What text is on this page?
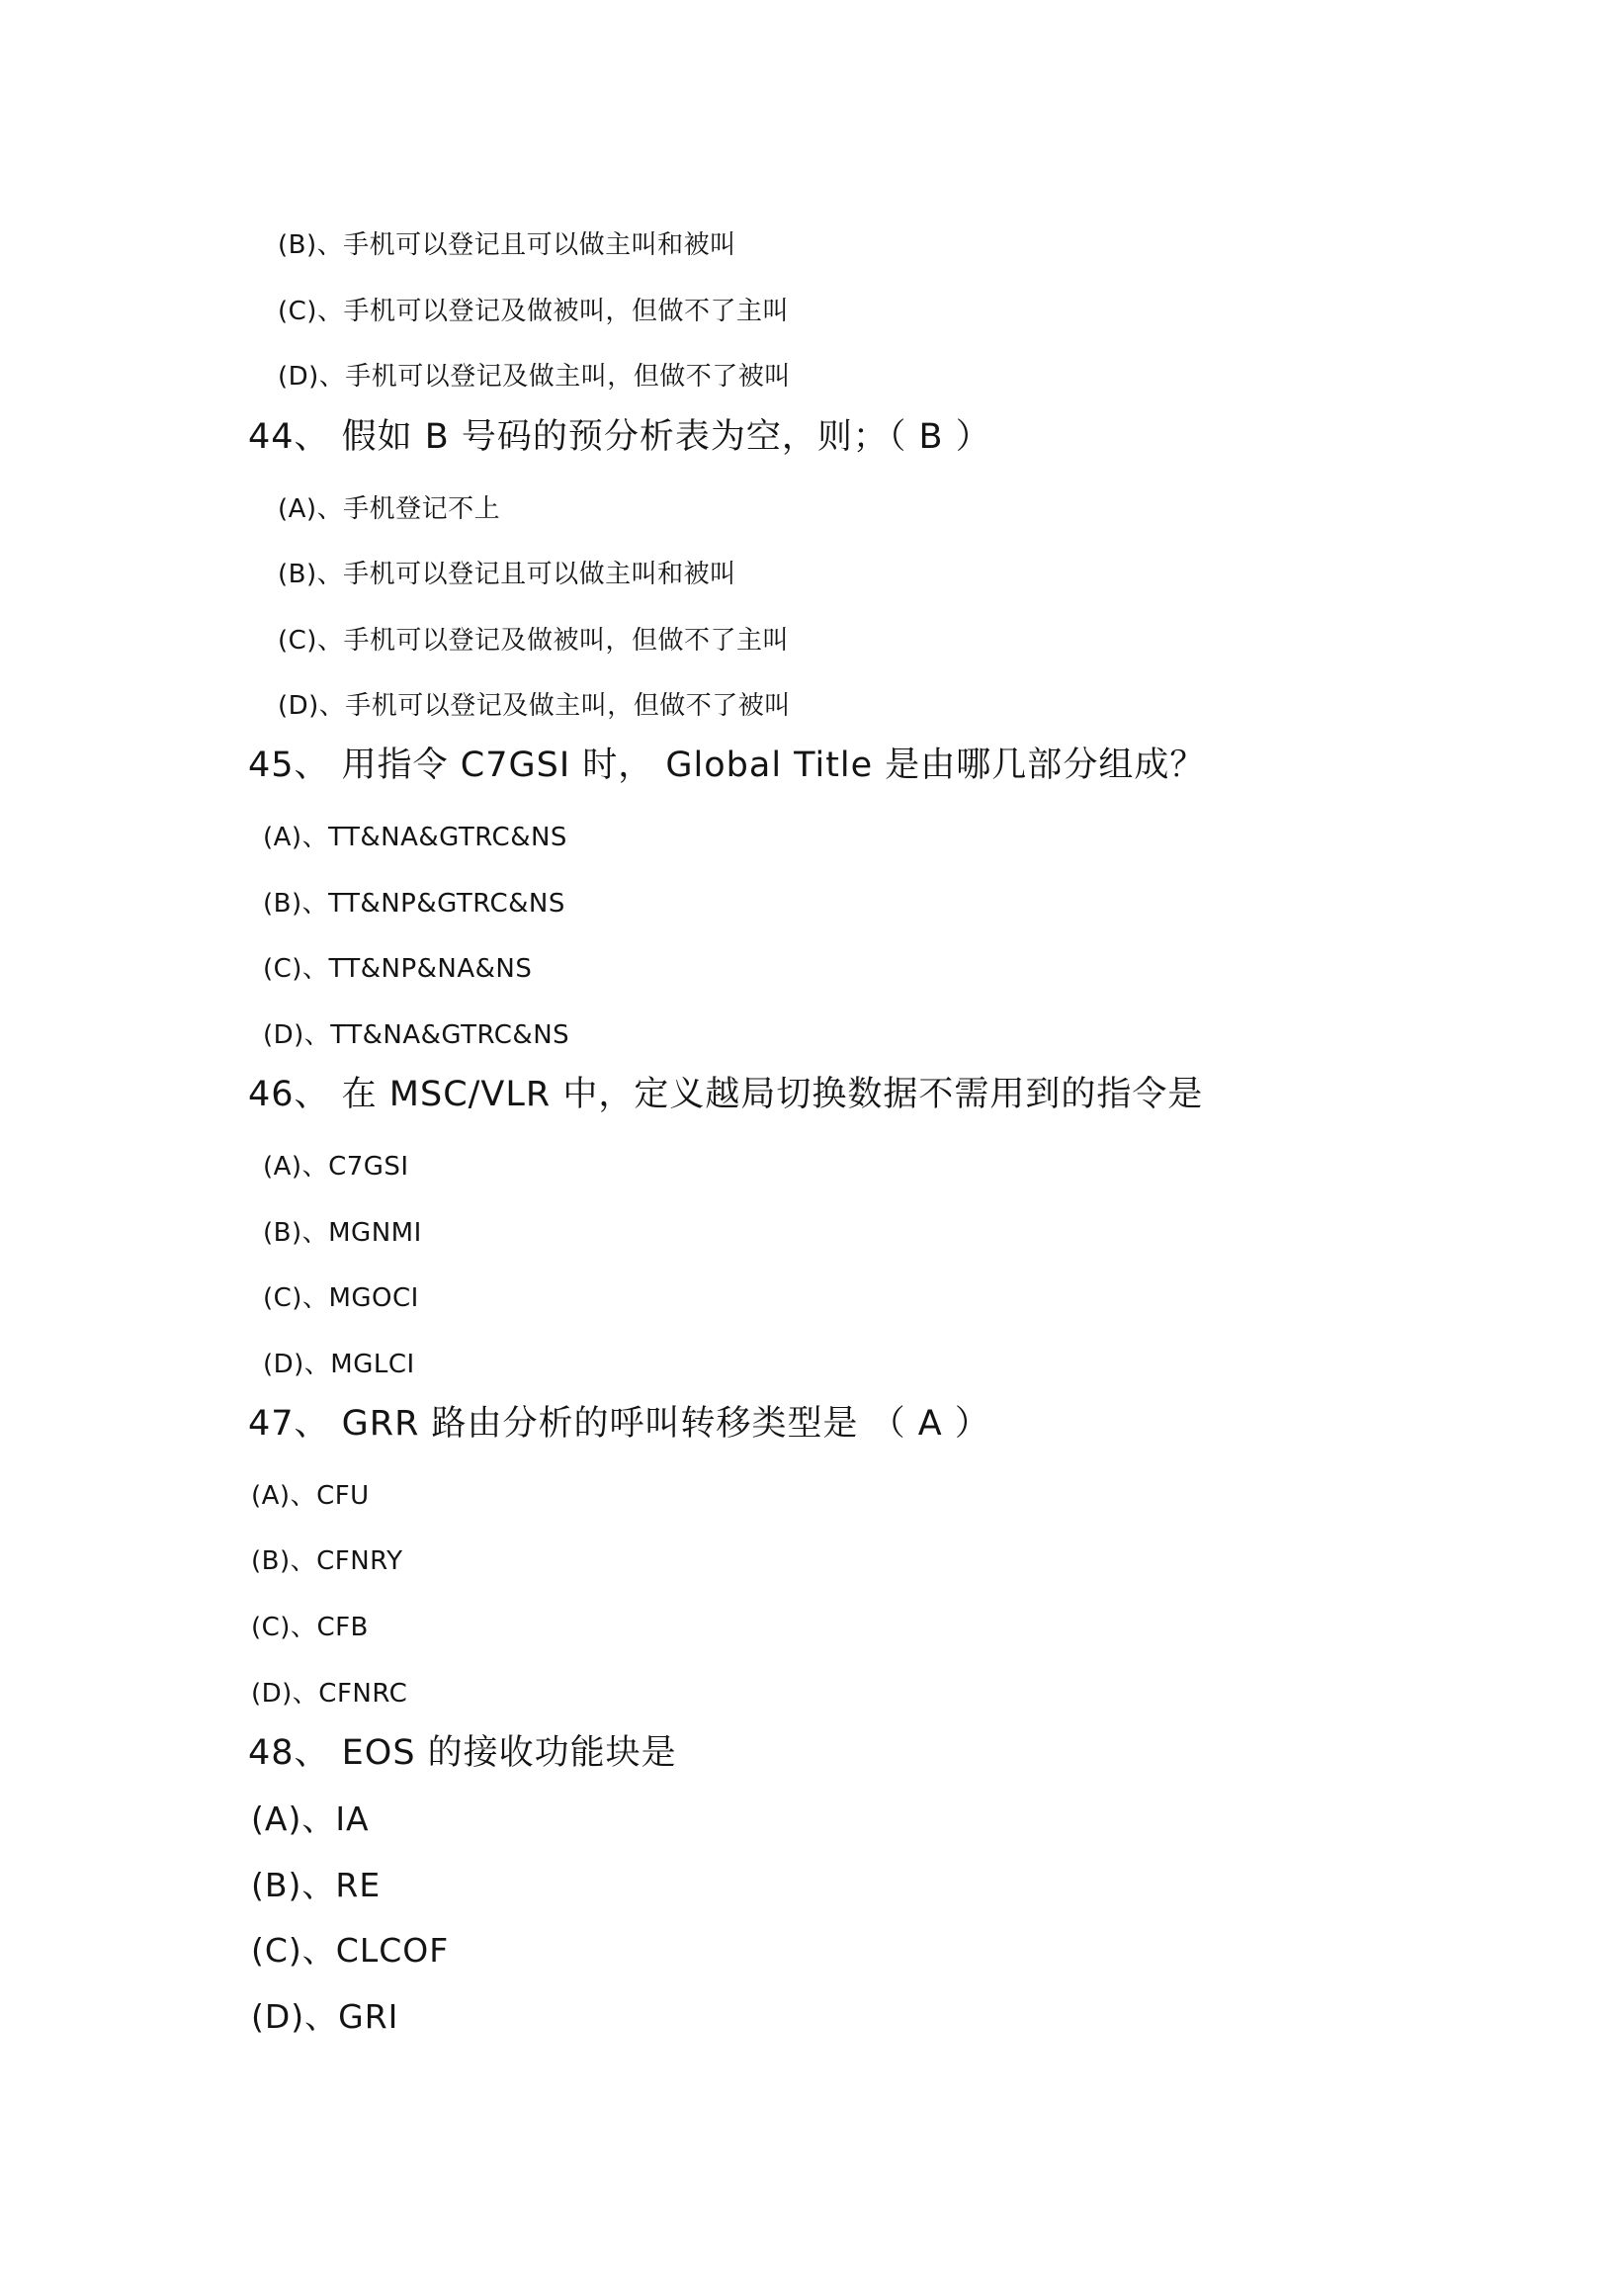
(B)、手机可以登记且可以做主叫和被叫
(C)、手机可以登记及做被叫，但做不了主叫
(D)、手机可以登记及做主叫，但做不了被叫
44、 假如 B 号码的预分析表为空，则；（ B ）
(A)、手机登记不上
(B)、手机可以登记且可以做主叫和被叫
(C)、手机可以登记及做被叫，但做不了主叫
(D)、手机可以登记及做主叫，但做不了被叫
45、 用指令 C7GSI 时， Global Title 是由哪几部分组成？
(A)、TT&NA&GTRC&NS
(B)、TT&NP&GTRC&NS
(C)、TT&NP&NA&NS
(D)、TT&NA&GTRC&NS
46、 在 MSC/VLR 中，定义越局切换数据不需用到的指令是
(A)、C7GSI
(B)、MGNMI
(C)、MGOCI
(D)、MGLCI
47、 GRR 路由分析的呼叫转移类型是 （ A ）
(A)、CFU
(B)、CFNRY
(C)、CFB
(D)、CFNRC
48、 EOS 的接收功能块是
(A)、IA
(B)、RE
(C)、CLCOF
(D)、GRI
